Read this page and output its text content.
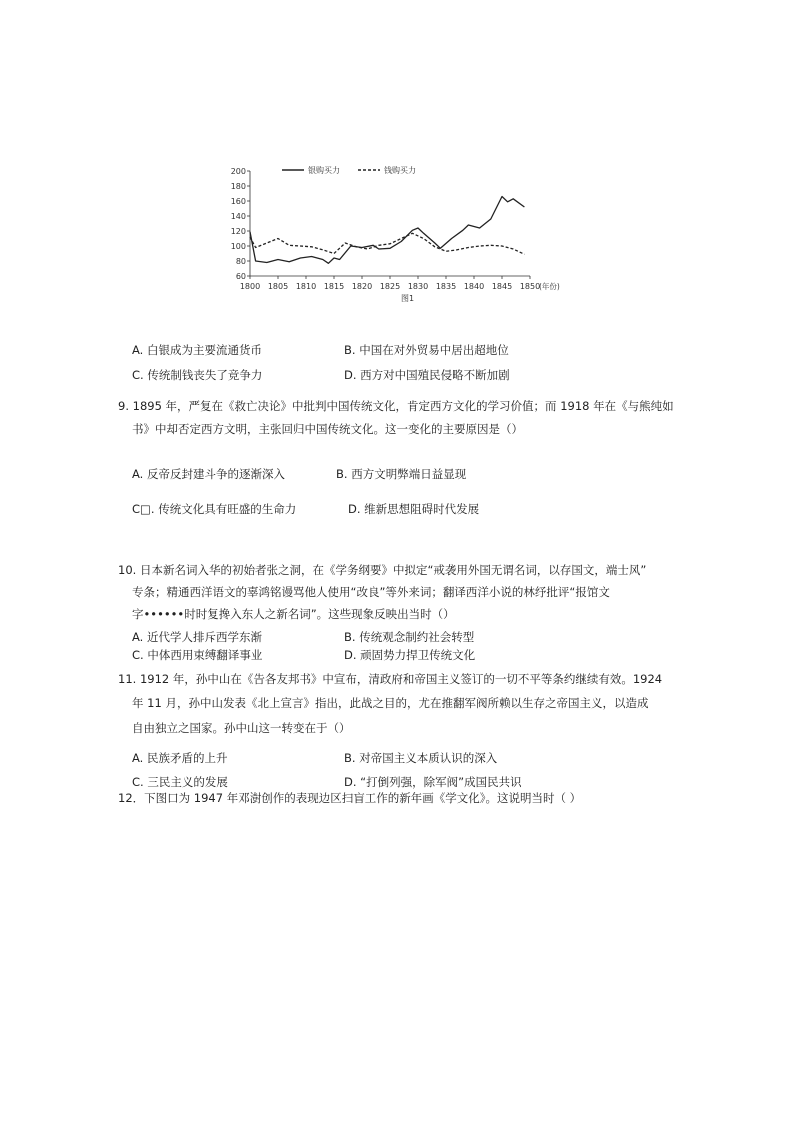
60
80
100
120
140
160
180
200
1800 1805 1810 1815 1820 1825 1830 1835 1840 1845 1850
(年份)
银购买力	钱购买力
图1
A. 白银成为主要流通货币	B. 中国在对外贸易中居出超地位
C. 传统制钱丧失了竞争力	D. 西方对中国殖民侵略不断加剧
9. 1895 年，严复在《救亡决论》中批判中国传统文化，肯定西方文化的学习价值；而 1918 年在《与熊纯如
书》中却否定西方文明，主张回归中国传统文化。这一变化的主要原因是（）
A. 反帝反封建斗争的逐渐深入	B. 西方文明弊端日益显现
C□. 传统文化具有旺盛的生命力	D. 维新思想阻碍时代发展
10. 日本新名词入华的初始者张之洞，在《学务纲要》中拟定“戒袭用外国无谓名词，以存国文，端士风”
专条；精通西洋语文的辜鸿铭谩骂他人使用“改良”等外来词；翻译西洋小说的林纾批评“报馆文
字••••••时时复搀入东人之新名词”。这些现象反映出当时（）
A. 近代学人排斥西学东渐	B. 传统观念制约社会转型
C. 中体西用束缚翻译事业	D. 顽固势力捍卫传统文化
11. 1912 年，孙中山在《告各友邦书》中宣布，清政府和帝国主义签订的一切不平等条约继续有效。1924
年 11 月，孙中山发表《北上宣言》指出，此战之目的，尤在推翻军阀所赖以生存之帝国主义，以造成
自由独立之国家。孙中山这一转变在于（）
A. 民族矛盾的上升	B. 对帝国主义本质认识的深入
C. 三民主义的发展	D. “打倒列强，除军阀”成国民共识
12．下图口为 1947 年邓澍创作的表现边区扫盲工作的新年画《学文化》。这说明当时（ ）
